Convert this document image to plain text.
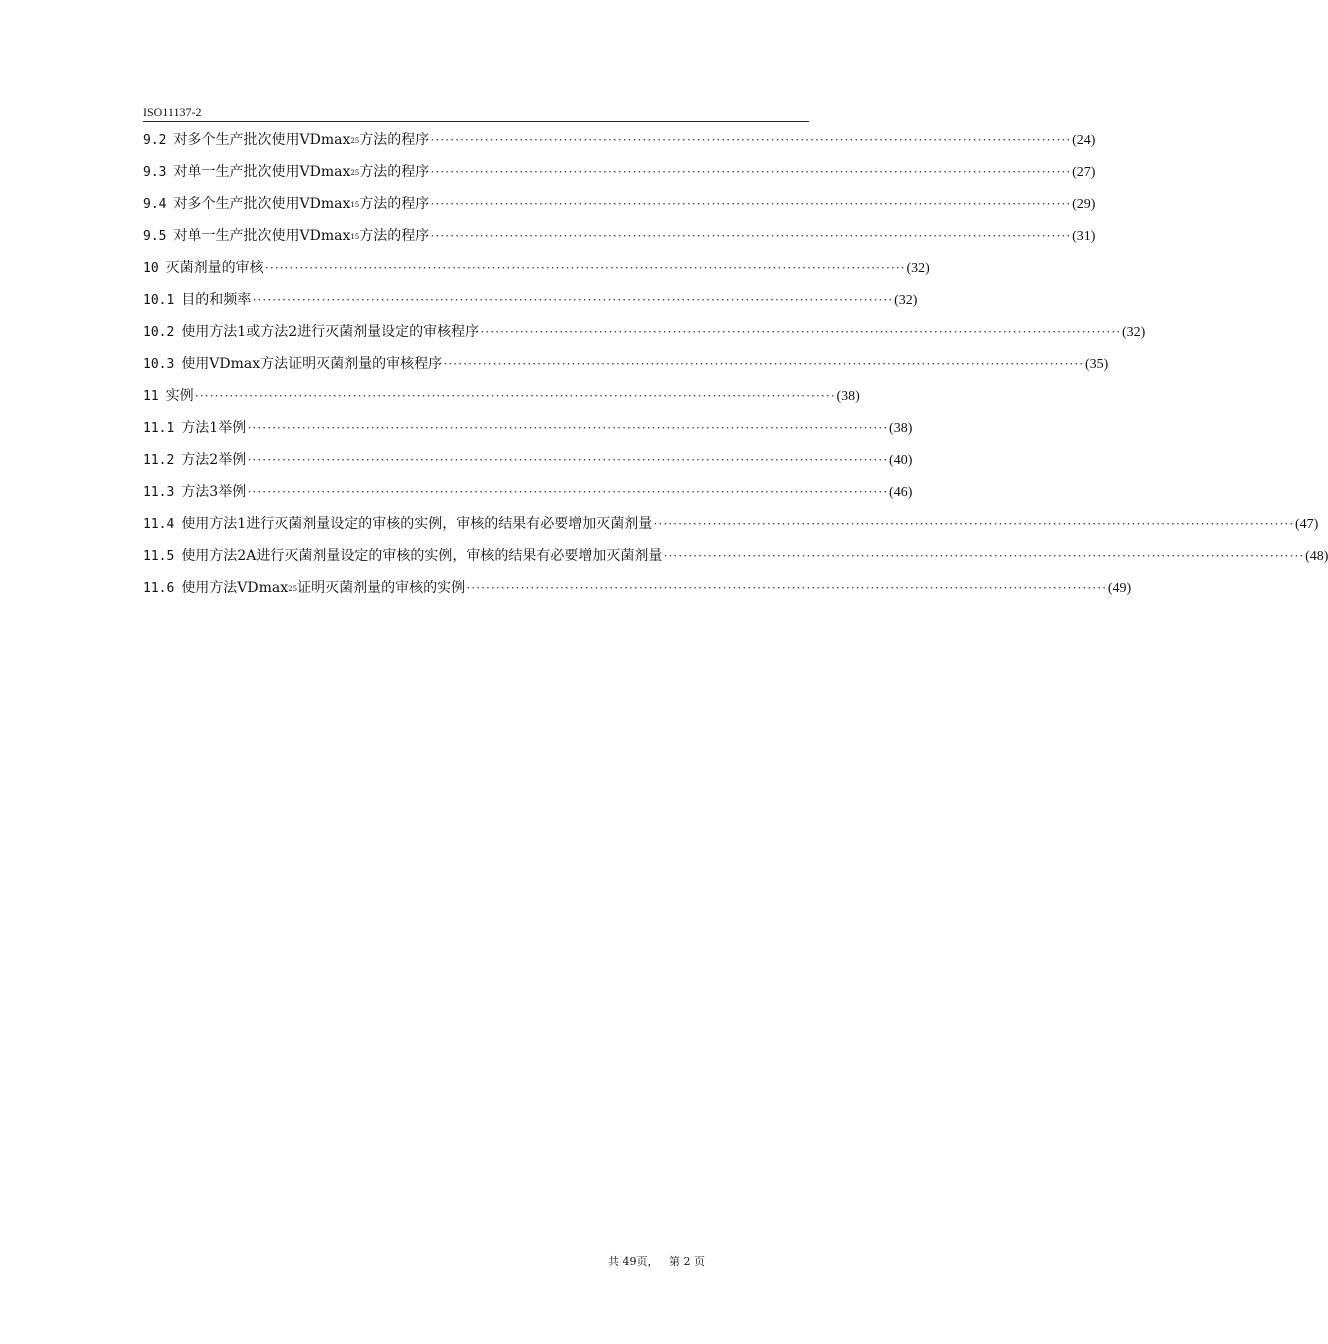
ISO11137-2
9.2 对多个生产批次使用VDmax$_{25}$方法的程序 ·································································································································· (24)
9.3 对单一生产批次使用VDmax$_{25}$方法的程序 ·································································································································· (27)
9.4 对多个生产批次使用VDmax$_{15}$方法的程序 ·································································································································· (29)
9.5 对单一生产批次使用VDmax$_{15}$方法的程序 ·································································································································· (31)
10 灭菌剂量的审核 ·································································································································· (32)
10.1 目的和频率 ·································································································································· (32)
10.2 使用方法1或方法2进行灭菌剂量设定的审核程序 ·································································································································· (32)
10.3 使用VDmax方法证明灭菌剂量的审核程序 ·································································································································· (35)
11 实例 ·································································································································· (38)
11.1 方法1举例 ·································································································································· (38)
11.2 方法2举例 ·································································································································· (40)
11.3 方法3举例 ·································································································································· (46)
11.4 使用方法1进行灭菌剂量设定的审核的实例，审核的结果有必要增加灭菌剂量 ·································································································································· (47)
11.5 使用方法2A进行灭菌剂量设定的审核的实例，审核的结果有必要增加灭菌剂量 ·································································································································· (48)
11.6 使用方法VDmax$_{25}$证明灭菌剂量的审核的实例 ·································································································································· (49)
共 49页，   第 2 页
